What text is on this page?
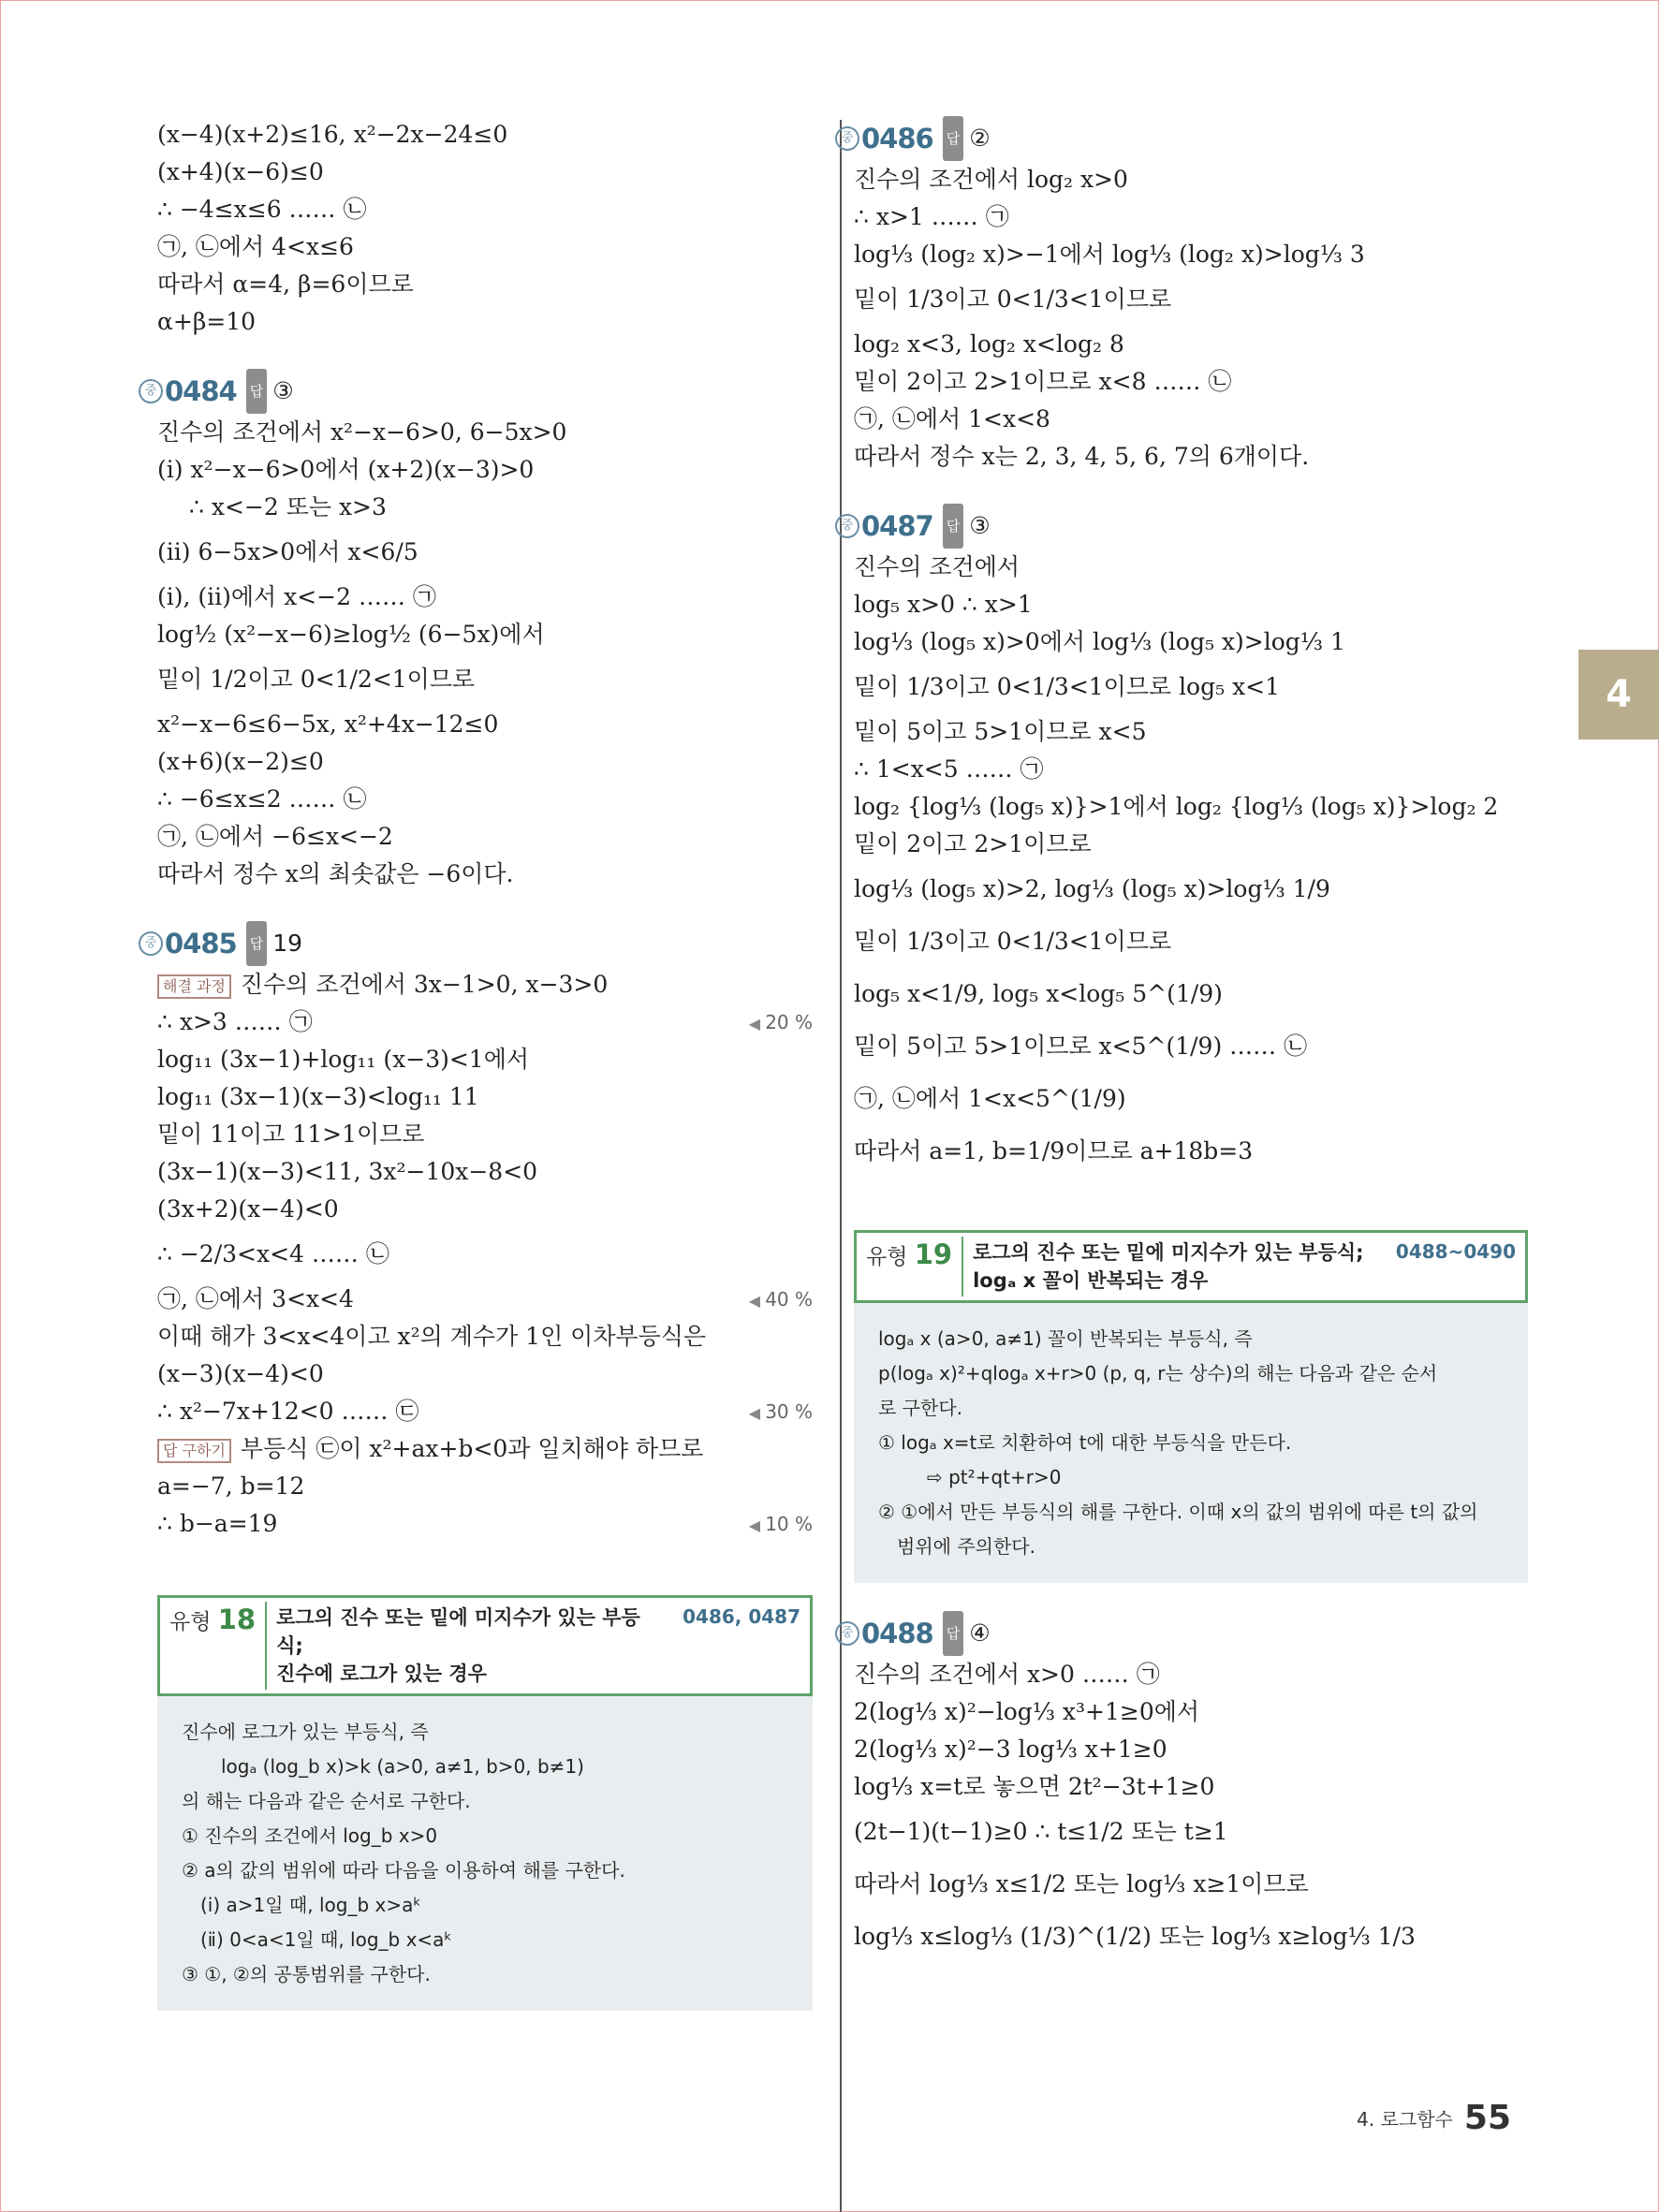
(x−4)(x+2)≤16, x²−2x−24≤0
(x+4)(x−6)≤0
∴ −4≤x≤6 …… ㉡
㉠, ㉡에서 4<x≤6
따라서 α=4, β=6이므로
α+β=10
중 0484 답 ③
진수의 조건에서 x²−x−6>0, 6−5x>0
(ⅰ) x²−x−6>0에서 (x+2)(x−3)>0
∴ x<−2 또는 x>3
(ⅱ) 6−5x>0에서 x<6/5
(ⅰ), (ⅱ)에서 x<−2 …… ㉠
log½ (x²−x−6)≥log½ (6−5x)에서
밑이 1/2이고 0<1/2<1이므로
x²−x−6≤6−5x, x²+4x−12≤0
(x+6)(x−2)≤0
∴ −6≤x≤2 …… ㉡
㉠, ㉡에서 −6≤x<−2
따라서 정수 x의 최솟값은 −6이다.
중 0485 답 19
해결 과정 진수의 조건에서 3x−1>0, x−3>0
∴ x>3 …… ㉠	◀ 20 %
log₁₁ (3x−1)+log₁₁ (x−3)<1에서
log₁₁ (3x−1)(x−3)<log₁₁ 11
밑이 11이고 11>1이므로
(3x−1)(x−3)<11, 3x²−10x−8<0
(3x+2)(x−4)<0
∴ −2/3<x<4 …… ㉡
㉠, ㉡에서 3<x<4	◀ 40 %
이때 해가 3<x<4이고 x²의 계수가 1인 이차부등식은
(x−3)(x−4)<0
∴ x²−7x+12<0 …… ㉢	◀ 30 %
답 구하기 부등식 ㉢이 x²+ax+b<0과 일치해야 하므로
a=−7, b=12
∴ b−a=19	◀ 10 %
유형 18	로그의 진수 또는 밑에 미지수가 있는 부등식;
진수에 로그가 있는 경우
0486, 0487
진수에 로그가 있는 부등식, 즉
logₐ (log_b x)>k (a>0, a≠1, b>0, b≠1)
의 해는 다음과 같은 순서로 구한다.
① 진수의 조건에서 log_b x>0
② a의 값의 범위에 따라 다음을 이용하여 해를 구한다.
(ⅰ) a>1일 때, log_b x>aᵏ
(ⅱ) 0<a<1일 때, log_b x<aᵏ
③ ①, ②의 공통범위를 구한다.
중 0486 답 ②
진수의 조건에서 log₂ x>0
∴ x>1 …… ㉠
log⅓ (log₂ x)>−1에서 log⅓ (log₂ x)>log⅓ 3
밑이 1/3이고 0<1/3<1이므로
log₂ x<3, log₂ x<log₂ 8
밑이 2이고 2>1이므로 x<8 …… ㉡
㉠, ㉡에서 1<x<8
따라서 정수 x는 2, 3, 4, 5, 6, 7의 6개이다.
중 0487 답 ③
진수의 조건에서
log₅ x>0 ∴ x>1
log⅓ (log₅ x)>0에서 log⅓ (log₅ x)>log⅓ 1
밑이 1/3이고 0<1/3<1이므로 log₅ x<1
밑이 5이고 5>1이므로 x<5
∴ 1<x<5 …… ㉠
log₂ {log⅓ (log₅ x)}>1에서 log₂ {log⅓ (log₅ x)}>log₂ 2
밑이 2이고 2>1이므로
log⅓ (log₅ x)>2, log⅓ (log₅ x)>log⅓ 1/9
밑이 1/3이고 0<1/3<1이므로
log₅ x<1/9, log₅ x<log₅ 5^(1/9)
밑이 5이고 5>1이므로 x<5^(1/9) …… ㉡
㉠, ㉡에서 1<x<5^(1/9)
따라서 a=1, b=1/9이므로 a+18b=3
유형 19	로그의 진수 또는 밑에 미지수가 있는 부등식;
logₐ x 꼴이 반복되는 경우
0488~0490
logₐ x (a>0, a≠1) 꼴이 반복되는 부등식, 즉
p(logₐ x)²+qlogₐ x+r>0 (p, q, r는 상수)의 해는 다음과 같은 순서
로 구한다.
① logₐ x=t로 치환하여 t에 대한 부등식을 만든다.
⇨ pt²+qt+r>0
② ①에서 만든 부등식의 해를 구한다. 이때 x의 값의 범위에 따른 t의 값의
범위에 주의한다.
중 0488 답 ④
진수의 조건에서 x>0 …… ㉠
2(log⅓ x)²−log⅓ x³+1≥0에서
2(log⅓ x)²−3 log⅓ x+1≥0
log⅓ x=t로 놓으면 2t²−3t+1≥0
(2t−1)(t−1)≥0 ∴ t≤1/2 또는 t≥1
따라서 log⅓ x≤1/2 또는 log⅓ x≥1이므로
log⅓ x≤log⅓ (1/3)^(1/2) 또는 log⅓ x≥log⅓ 1/3
4
4. 로그함수 55
